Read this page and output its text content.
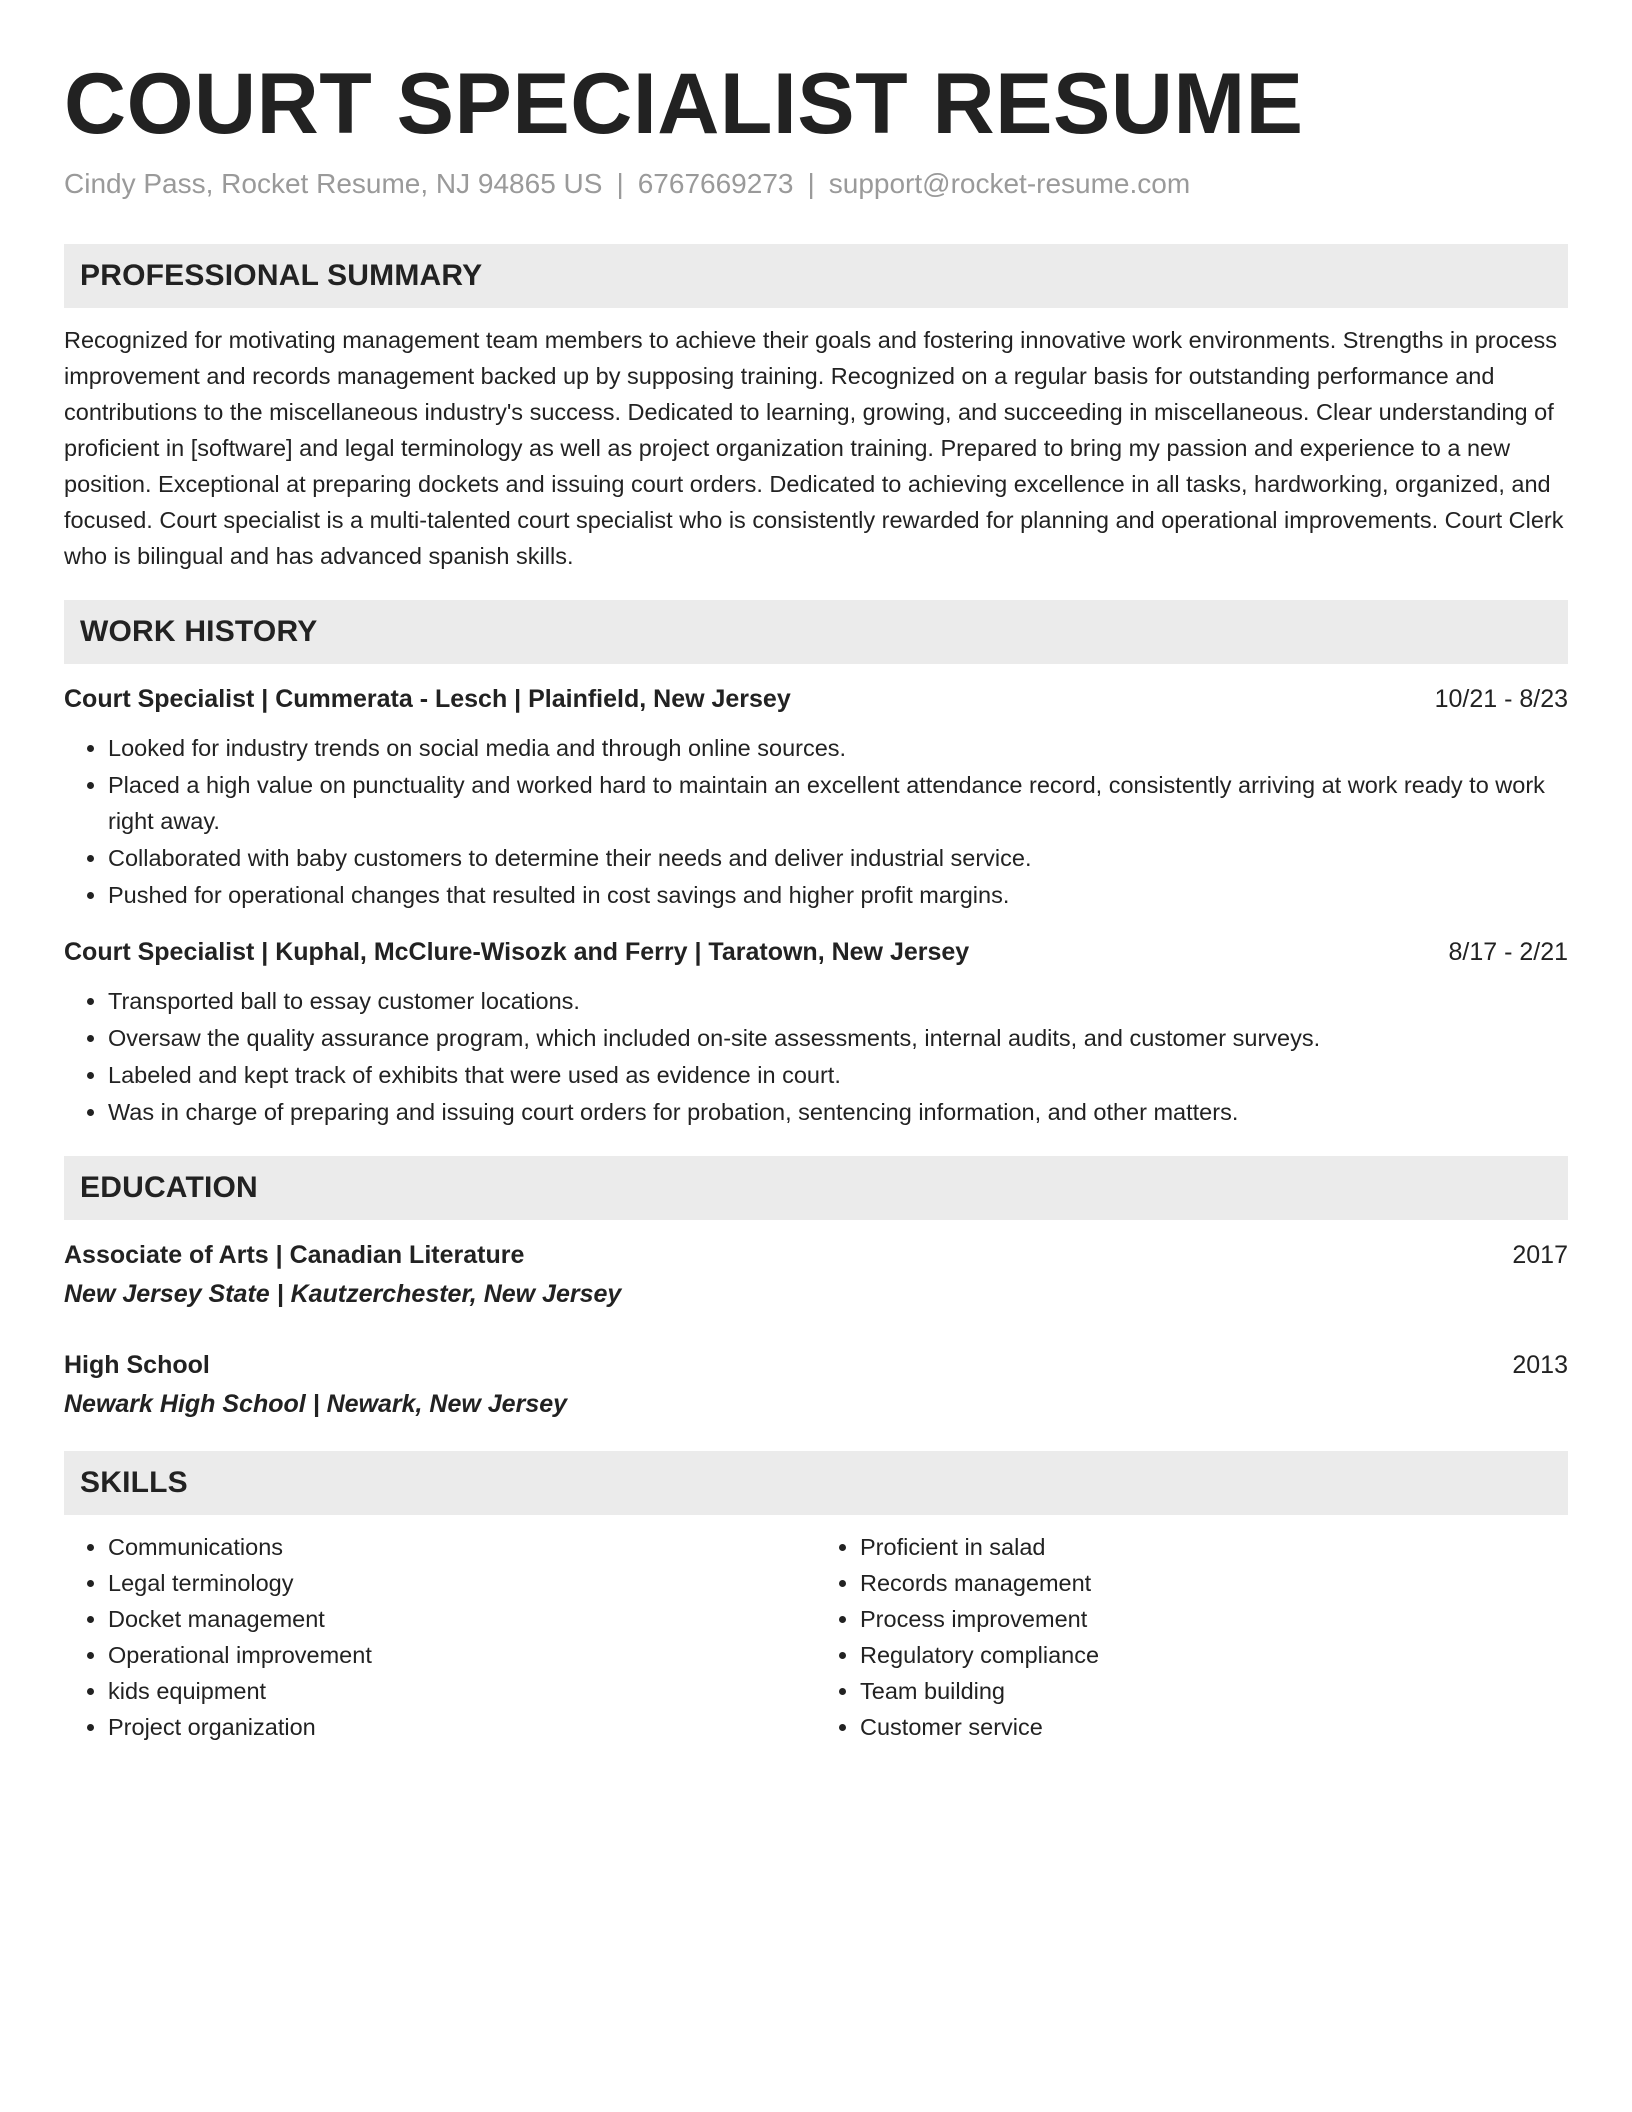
COURT SPECIALIST RESUME
Cindy Pass, Rocket Resume, NJ 94865 US | 6767669273 | support@rocket-resume.com
PROFESSIONAL SUMMARY

Recognized for motivating management team members to achieve their goals and fostering innovative work environments. Strengths in process improvement and records management backed up by supposing training. Recognized on a regular basis for outstanding performance and contributions to the miscellaneous industry's success. Dedicated to learning, growing, and succeeding in miscellaneous. Clear understanding of proficient in [software] and legal terminology as well as project organization training. Prepared to bring my passion and experience to a new position. Exceptional at preparing dockets and issuing court orders. Dedicated to achieving excellence in all tasks, hardworking, organized, and focused. Court specialist is a multi-talented court specialist who is consistently rewarded for planning and operational improvements. Court Clerk who is bilingual and has advanced spanish skills.

WORK HISTORY
Court Specialist | Cummerata - Lesch | Plainfield, New Jersey	10/21 - 8/23
• Looked for industry trends on social media and through online sources.
• Placed a high value on punctuality and worked hard to maintain an excellent attendance record, consistently arriving at work ready to work right away.
• Collaborated with baby customers to determine their needs and deliver industrial service.
• Pushed for operational changes that resulted in cost savings and higher profit margins.
Court Specialist | Kuphal, McClure-Wisozk and Ferry | Taratown, New Jersey	8/17 - 2/21
• Transported ball to essay customer locations.
• Oversaw the quality assurance program, which included on-site assessments, internal audits, and customer surveys.
• Labeled and kept track of exhibits that were used as evidence in court.
• Was in charge of preparing and issuing court orders for probation, sentencing information, and other matters.
EDUCATION
Associate of Arts | Canadian Literature	2017
New Jersey State | Kautzerchester, New Jersey
High School	2013
Newark High School | Newark, New Jersey
SKILLS
• Communications
• Legal terminology
• Docket management
• Operational improvement
• kids equipment
• Project organization
• Proficient in salad
• Records management
• Process improvement
• Regulatory compliance
• Team building
• Customer service
